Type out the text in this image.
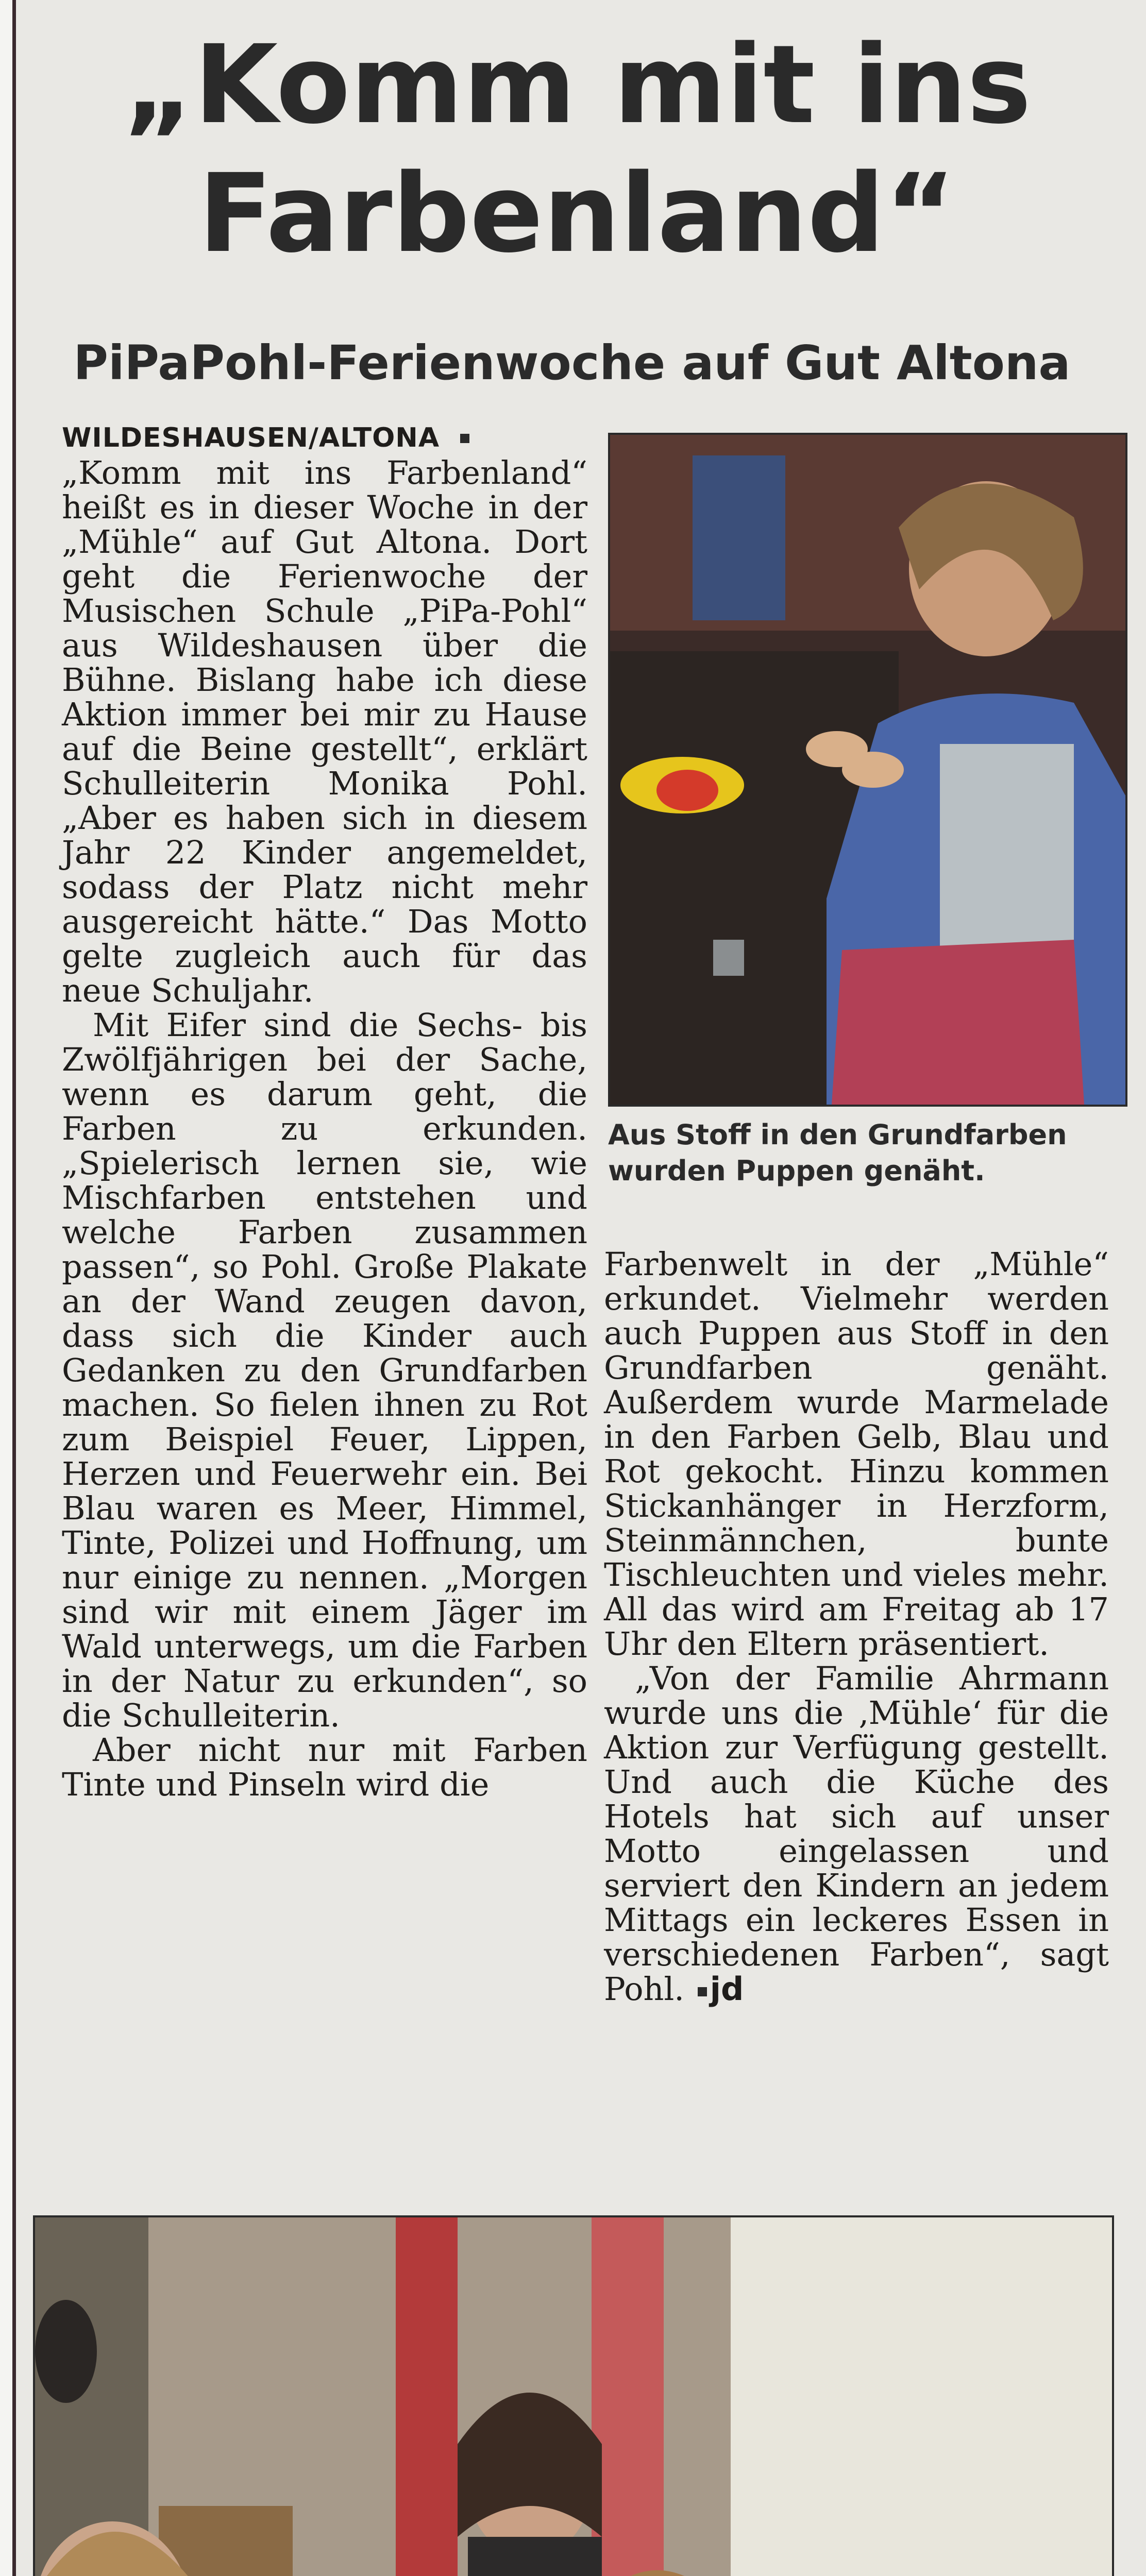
„Komm mit ins
Farbenland“
PiPaPohl-Ferienwoche auf Gut Altona

WILDESHAUSEN/ALTONA
„Komm mit ins Farbenland“ heißt es in dieser Woche in der „Mühle“ auf Gut Altona. Dort geht die Ferienwoche der Musischen Schule „PiPa-Pohl“ aus Wildeshausen über die Bühne. Bislang habe ich diese Aktion immer bei mir zu Hause auf die Beine gestellt“, erklärt Schulleiterin Monika Pohl. „Aber es haben sich in diesem Jahr 22 Kinder angemeldet, sodass der Platz nicht mehr ausgereicht hätte.“ Das Motto gelte zugleich auch für das neue Schuljahr.

Mit Eifer sind die Sechs- bis Zwölfjährigen bei der Sache, wenn es darum geht, die Farben zu erkunden. „Spielerisch lernen sie, wie Mischfarben entstehen und welche Farben zusammen passen“, so Pohl. Große Plakate an der Wand zeugen davon, dass sich die Kinder auch Gedanken zu den Grundfarben machen. So fielen ihnen zu Rot zum Beispiel Feuer, Lippen, Herzen und Feuerwehr ein. Bei Blau waren es Meer, Himmel, Tinte, Polizei und Hoffnung, um nur einige zu nennen. „Morgen sind wir mit einem Jäger im Wald unterwegs, um die Farben in der Natur zu erkunden“, so die Schulleiterin.

Aber nicht nur mit Farben Tinte und Pinseln wird die

Aus Stoff in den Grundfarben wurden Puppen genäht.

Farbenwelt in der „Mühle“ erkundet. Vielmehr werden auch Puppen aus Stoff in den Grundfarben genäht. Außerdem wurde Marmelade in den Farben Gelb, Blau und Rot gekocht. Hinzu kommen Stickanhänger in Herzform, Steinmännchen, bunte Tischleuchten und vieles mehr. All das wird am Freitag ab 17 Uhr den Eltern präsentiert.

„Von der Familie Ahrmann wurde uns die ‚Mühle‘ für die Aktion zur Verfügung gestellt. Und auch die Küche des Hotels hat sich auf unser Motto eingelassen und serviert den Kindern an jedem Mittags ein leckeres Essen in verschiedenen Farben“, sagt Pohl. jd
